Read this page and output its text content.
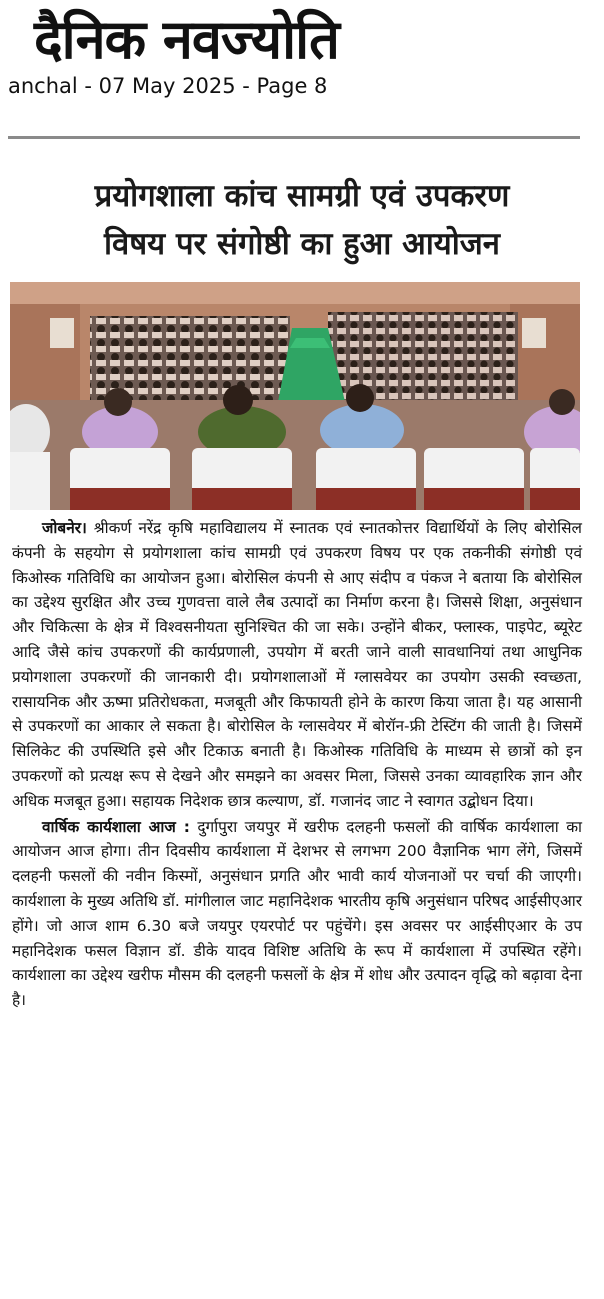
दैनिक नवज्योति
anchal - 07 May 2025 - Page 8
प्रयोगशाला कांच सामग्री एवं उपकरण
विषय पर संगोष्ठी का हुआ आयोजन

जोबनेर। श्रीकर्ण नरेंद्र कृषि महाविद्यालय में स्नातक एवं स्नातकोत्तर विद्यार्थियों के लिए बोरोसिल कंपनी के सहयोग से प्रयोगशाला कांच सामग्री एवं उपकरण विषय पर एक तकनीकी संगोष्ठी एवं किओस्क गतिविधि का आयोजन हुआ। बोरोसिल कंपनी से आए संदीप व पंकज ने बताया कि बोरोसिल का उद्देश्य सुरक्षित और उच्च गुणवत्ता वाले लैब उत्पादों का निर्माण करना है। जिससे शिक्षा, अनुसंधान और चिकित्सा के क्षेत्र में विश्वसनीयता सुनिश्चित की जा सके। उन्होंने बीकर, फ्लास्क, पाइपेट, ब्यूरेट आदि जैसे कांच उपकरणों की कार्यप्रणाली, उपयोग में बरती जाने वाली सावधानियां तथा आधुनिक प्रयोगशाला उपकरणों की जानकारी दी। प्रयोगशालाओं में ग्लासवेयर का उपयोग उसकी स्वच्छता, रासायनिक और ऊष्मा प्रतिरोधकता, मजबूती और किफायती होने के कारण किया जाता है। यह आसानी से उपकरणों का आकार ले सकता है। बोरोसिल के ग्लासवेयर में बोरॉन-फ्री टेस्टिंग की जाती है। जिसमें सिलिकेट की उपस्थिति इसे और टिकाऊ बनाती है। किओस्क गतिविधि के माध्यम से छात्रों को इन उपकरणों को प्रत्यक्ष रूप से देखने और समझने का अवसर मिला, जिससे उनका व्यावहारिक ज्ञान और अधिक मजबूत हुआ। सहायक निदेशक छात्र कल्याण, डॉ. गजानंद जाट ने स्वागत उद्बोधन दिया।

वार्षिक कार्यशाला आज : दुर्गापुरा जयपुर में खरीफ दलहनी फसलों की वार्षिक कार्यशाला का आयोजन आज होगा। तीन दिवसीय कार्यशाला में देशभर से लगभग 200 वैज्ञानिक भाग लेंगे, जिसमें दलहनी फसलों की नवीन किस्मों, अनुसंधान प्रगति और भावी कार्य योजनाओं पर चर्चा की जाएगी। कार्यशाला के मुख्य अतिथि डॉ. मांगीलाल जाट महानिदेशक भारतीय कृषि अनुसंधान परिषद आईसीएआर होंगे। जो आज शाम 6.30 बजे जयपुर एयरपोर्ट पर पहुंचेंगे। इस अवसर पर आईसीएआर के उप महानिदेशक फसल विज्ञान डॉ. डीके यादव विशिष्ट अतिथि के रूप में कार्यशाला में उपस्थित रहेंगे। कार्यशाला का उद्देश्य खरीफ मौसम की दलहनी फसलों के क्षेत्र में शोध और उत्पादन वृद्धि को बढ़ावा देना है।
